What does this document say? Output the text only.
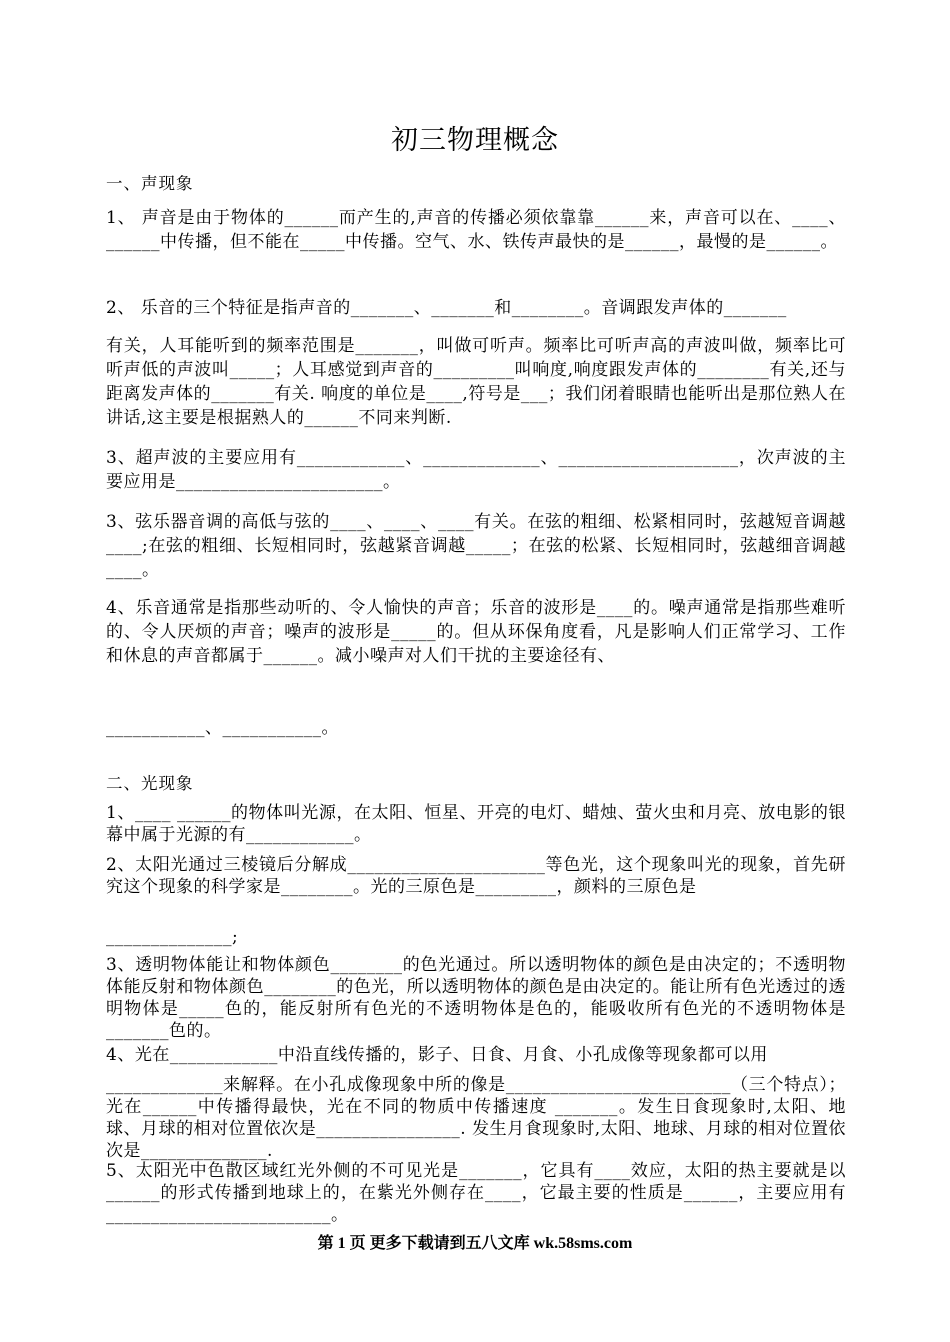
初三物理概念
一、声现象
1、 声音是由于物体的______而产生的,声音的传播必须依靠靠______来，声音可以在、____、______中传播，但不能在_____中传播。空气、水、铁传声最快的是______，最慢的是______。
2、 乐音的三个特征是指声音的_______、_______和________。音调跟发声体的_______
有关，人耳能听到的频率范围是_______，叫做可听声。频率比可听声高的声波叫做，频率比可听声低的声波叫_____；人耳感觉到声音的_________叫响度,响度跟发声体的________有关,还与距离发声体的_______有关. 响度的单位是____,符号是___；我们闭着眼睛也能听出是那位熟人在讲话,这主要是根据熟人的______不同来判断.
3、超声波的主要应用有____________、_____________、____________________，次声波的主要应用是_______________________。
3、弦乐器音调的高低与弦的____、____、____有关。在弦的粗细、松紧相同时，弦越短音调越____;在弦的粗细、长短相同时，弦越紧音调越_____；在弦的松紧、长短相同时，弦越细音调越 ____。
4、乐音通常是指那些动听的、令人愉快的声音；乐音的波形是____的。噪声通常是指那些难听的、令人厌烦的声音；噪声的波形是_____的。但从环保角度看，凡是影响人们正常学习、工作和休息的声音都属于______。减小噪声对人们干扰的主要途径有、
___________、___________。
二、光现象
1、____ ______的物体叫光源，在太阳、恒星、开亮的电灯、蜡烛、萤火虫和月亮、放电影的银幕中属于光源的有____________。
2、太阳光通过三棱镜后分解成______________________等色光，这个现象叫光的现象，首先研究这个现象的科学家是________。光的三原色是_________，颜料的三原色是
______________;
3、透明物体能让和物体颜色________的色光通过。所以透明物体的颜色是由决定的；不透明物体能反射和物体颜色________的色光，所以透明物体的颜色是由决定的。能让所有色光透过的透明物体是_____色的，能反射所有色光的不透明物体是色的，能吸收所有色光的不透明物体是_______色的。
4、光在____________中沿直线传播的，影子、日食、月食、小孔成像等现象都可以用
_____________来解释。在小孔成像现象中所的像是_________________________（三个特点）；光在______中传播得最快，光在不同的物质中传播速度 _______。发生日食现象时,太阳、地球、月球的相对位置依次是________________. 发生月食现象时,太阳、地球、月球的相对位置依次是______________.
5、太阳光中色散区域红光外侧的不可见光是_______，它具有____效应，太阳的热主要就是以______的形式传播到地球上的，在紫光外侧存在____，它最主要的性质是______，主要应用有_________________________。
第 1 页 更多下载请到五八文库 wk.58sms.com
